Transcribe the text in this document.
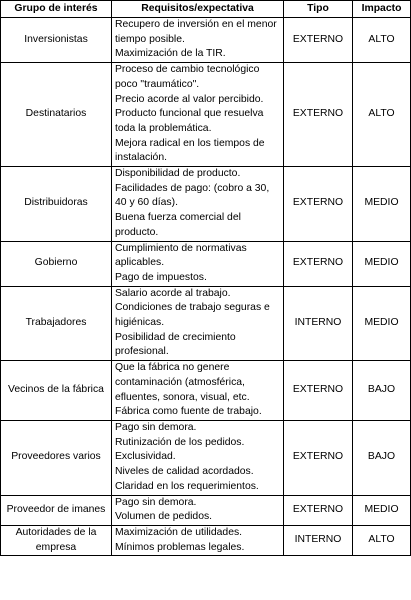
Grupo de interés	Requisitos/expectativa	Tipo	Impacto
Inversionistas	Recupero de inversión en el menor tiempo posible.
Maximización de la TIR.	EXTERNO	ALTO
Destinatarios	Proceso de cambio tecnológico poco "traumático".
Precio acorde al valor percibido.
Producto funcional que resuelva toda la problemática.
Mejora radical en los tiempos de instalación.	EXTERNO	ALTO
Distribuidoras	Disponibilidad de producto.
Facilidades de pago: (cobro a 30, 40 y 60 días).
Buena fuerza comercial del producto.	EXTERNO	MEDIO
Gobierno	Cumplimiento de normativas aplicables.
Pago de impuestos.	EXTERNO	MEDIO
Trabajadores	Salario acorde al trabajo.
Condiciones de trabajo seguras e higiénicas.
Posibilidad de crecimiento profesional.	INTERNO	MEDIO
Vecinos de la fábrica	Que la fábrica no genere contaminación (atmosférica, efluentes, sonora, visual, etc.
Fábrica como fuente de trabajo.	EXTERNO	BAJO
Proveedores varios	Pago sin demora.
Rutinización de los pedidos.
Exclusividad.
Niveles de calidad acordados.
Claridad en los requerimientos.	EXTERNO	BAJO
Proveedor de imanes	Pago sin demora.
Volumen de pedidos.	EXTERNO	MEDIO
Autoridades de la empresa	Maximización de utilidades.
Mínimos problemas legales.	INTERNO	ALTO
